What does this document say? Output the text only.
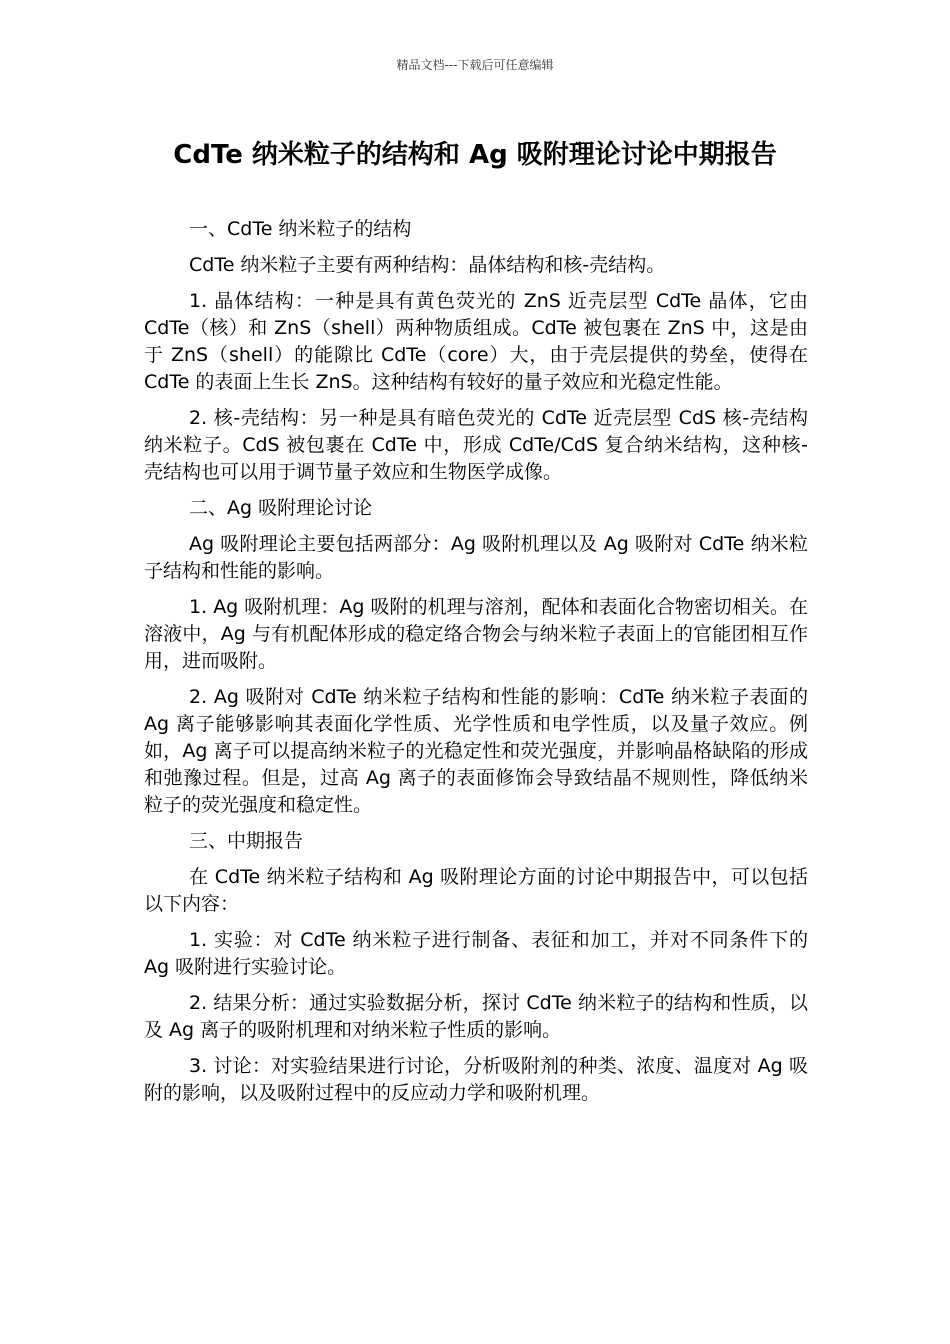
精品文档---下载后可任意编辑
CdTe 纳米粒子的结构和 Ag 吸附理论讨论中期报告

一、CdTe 纳米粒子的结构

CdTe 纳米粒子主要有两种结构：晶体结构和核-壳结构。

1. 晶体结构：一种是具有黄色荧光的 ZnS 近壳层型 CdTe 晶体，它由 CdTe（核）和 ZnS（shell）两种物质组成。CdTe 被包裹在 ZnS 中，这是由于 ZnS（shell）的能隙比 CdTe（core）大，由于壳层提供的势垒，使得在 CdTe 的表面上生长 ZnS。这种结构有较好的量子效应和光稳定性能。

2. 核-壳结构：另一种是具有暗色荧光的 CdTe 近壳层型 CdS 核-壳结构纳米粒子。CdS 被包裹在 CdTe 中，形成 CdTe/CdS 复合纳米结构，这种核-壳结构也可以用于调节量子效应和生物医学成像。

二、Ag 吸附理论讨论

Ag 吸附理论主要包括两部分：Ag 吸附机理以及 Ag 吸附对 CdTe 纳米粒子结构和性能的影响。

1. Ag 吸附机理：Ag 吸附的机理与溶剂，配体和表面化合物密切相关。在溶液中，Ag 与有机配体形成的稳定络合物会与纳米粒子表面上的官能团相互作用，进而吸附。

2. Ag 吸附对 CdTe 纳米粒子结构和性能的影响：CdTe 纳米粒子表面的 Ag 离子能够影响其表面化学性质、光学性质和电学性质，以及量子效应。例如，Ag 离子可以提高纳米粒子的光稳定性和荧光强度，并影响晶格缺陷的形成和弛豫过程。但是，过高 Ag 离子的表面修饰会导致结晶不规则性，降低纳米粒子的荧光强度和稳定性。

三、中期报告

在 CdTe 纳米粒子结构和 Ag 吸附理论方面的讨论中期报告中，可以包括以下内容：

1. 实验：对 CdTe 纳米粒子进行制备、表征和加工，并对不同条件下的 Ag 吸附进行实验讨论。

2. 结果分析：通过实验数据分析，探讨 CdTe 纳米粒子的结构和性质，以及 Ag 离子的吸附机理和对纳米粒子性质的影响。

3. 讨论：对实验结果进行讨论，分析吸附剂的种类、浓度、温度对 Ag 吸附的影响，以及吸附过程中的反应动力学和吸附机理。
